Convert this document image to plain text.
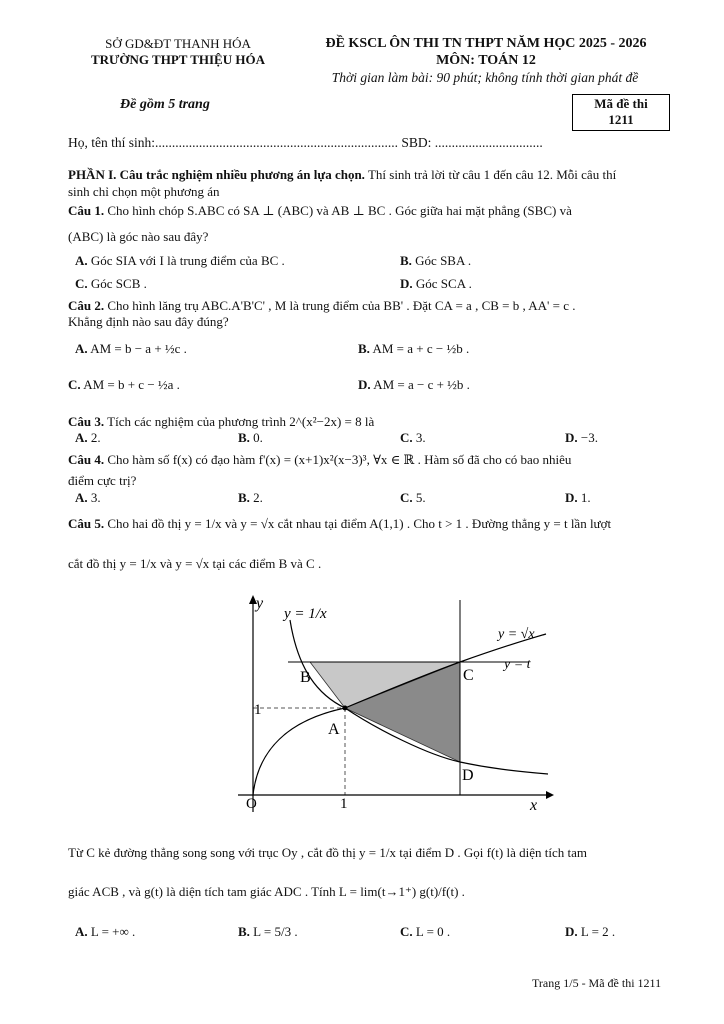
SỞ GD&ĐT THANH HÓA
TRƯỜNG THPT THIỆU HÓA
ĐỀ KSCL ÔN THI TN THPT NĂM HỌC 2025 - 2026
MÔN: TOÁN 12
Thời gian làm bài: 90 phút; không tính thời gian phát đề
Đề gồm 5 trang	Mã đề thi
1211
Họ, tên thí sinh:........................................................................ SBD: ................................
PHẦN I. Câu trắc nghiệm nhiều phương án lựa chọn. Thí sinh trả lời từ câu 1 đến câu 12. Mỗi câu thí
sinh chỉ chọn một phương án
Câu 1. Cho hình chóp S.ABC có SA ⊥ (ABC) và AB ⊥ BC . Góc giữa hai mặt phẳng (SBC) và
(ABC) là góc nào sau đây?
A. Góc SIA với I là trung điểm của BC .	B. Góc SBA .
C. Góc SCB .	D. Góc SCA .
Câu 2. Cho hình lăng trụ ABC.A'B'C' , M là trung điểm của BB' . Đặt CA = a , CB = b , AA' = c .
Khẳng định nào sau đây đúng?
A. AM = b − a + ½c .	B. AM = a + c − ½b .
C. AM = b + c − ½a .	D. AM = a − c + ½b .
Câu 3. Tích các nghiệm của phương trình 2^(x²−2x) = 8 là
A. 2.	B. 0.	C. 3.	D. −3.
Câu 4. Cho hàm số f(x) có đạo hàm f'(x) = (x+1)x²(x−3)³, ∀x ∈ ℝ . Hàm số đã cho có bao nhiêu
điểm cực trị?
A. 3.	B. 2.	C. 5.	D. 1.
Câu 5. Cho hai đồ thị y = 1/x và y = √x cắt nhau tại điểm A(1,1) . Cho t > 1 . Đường thẳng y = t lần lượt
cắt đồ thị y = 1/x và y = √x tại các điểm B và C .
y
x
O	1
1
B	C
A
D
y = 1/x
y = √x
y = t
Từ C kẻ đường thẳng song song với trục Oy , cắt đồ thị y = 1/x tại điểm D . Gọi f(t) là diện tích tam
giác ACB , và g(t) là diện tích tam giác ADC . Tính L = lim(t→1⁺) g(t)/f(t) .
A. L = +∞ .	B. L = 5/3 .	C. L = 0 .	D. L = 2 .
Trang 1/5 - Mã đề thi 1211
